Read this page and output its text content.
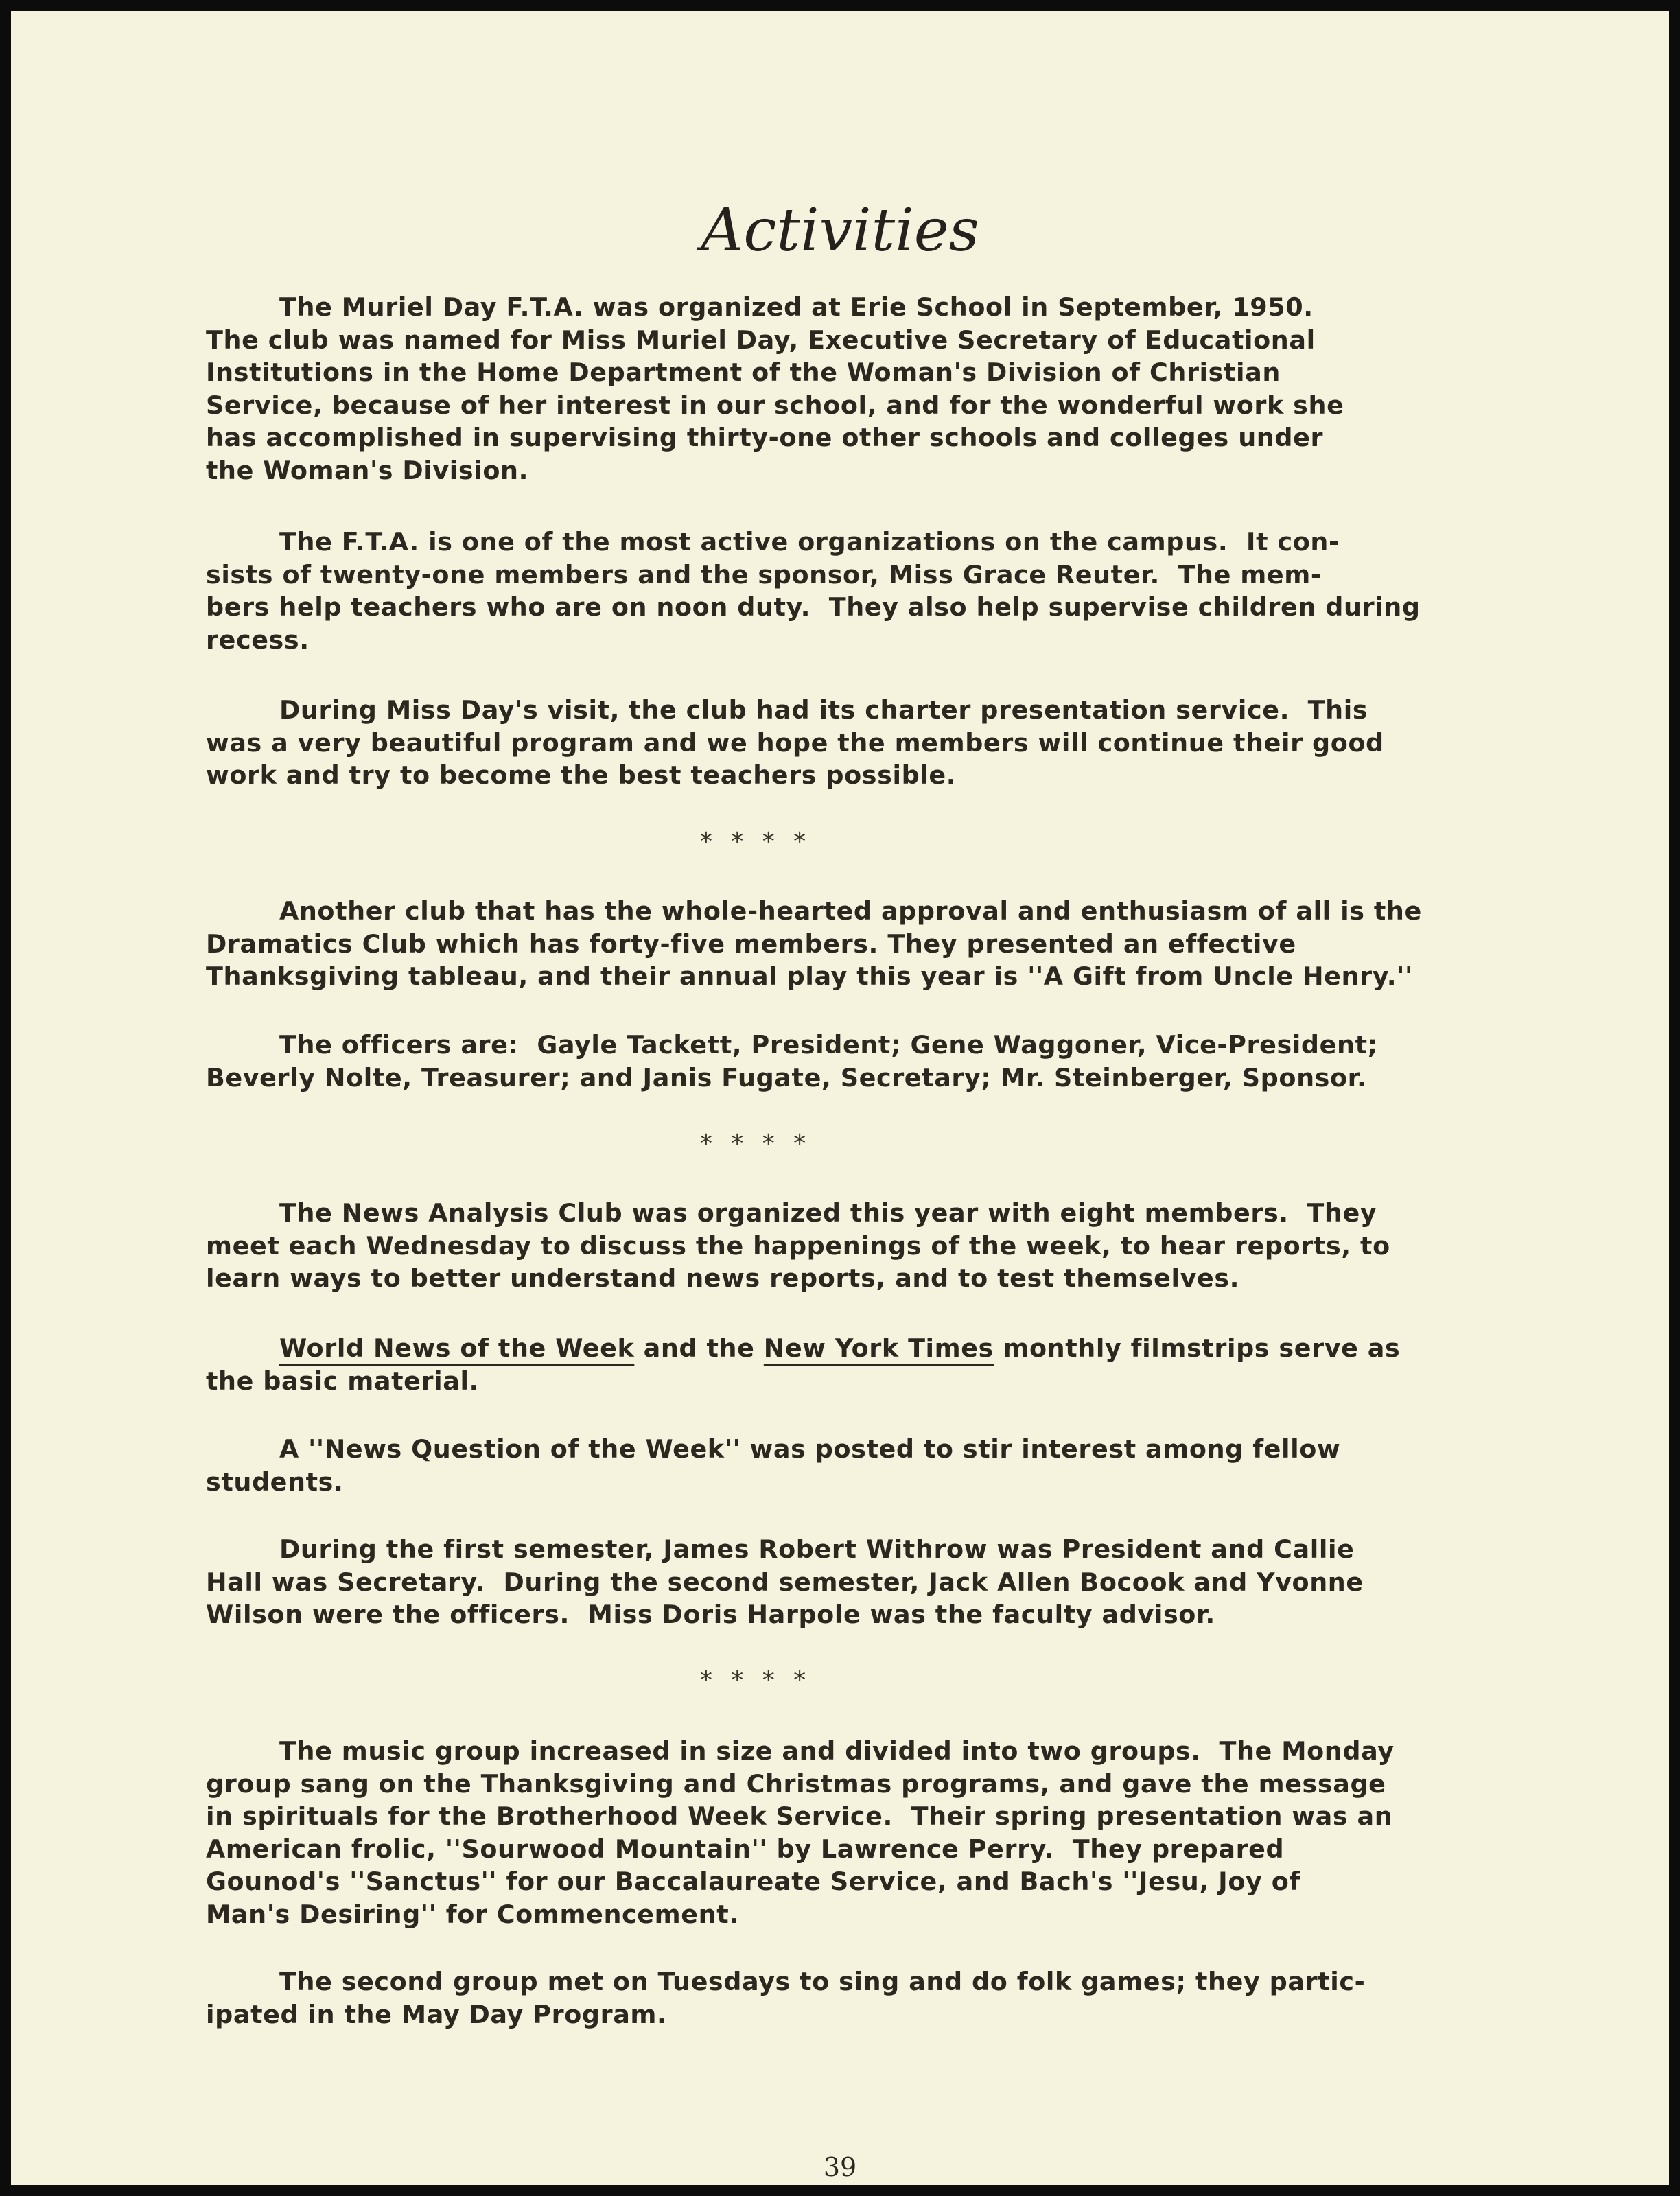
Activities
The Muriel Day F.T.A. was organized at Erie School in September, 1950.
The club was named for Miss Muriel Day, Executive Secretary of Educational
Institutions in the Home Department of the Woman's Division of Christian
Service, because of her interest in our school, and for the wonderful work she
has accomplished in supervising thirty-one other schools and colleges under
the Woman's Division.
The F.T.A. is one of the most active organizations on the campus.  It con-
sists of twenty-one members and the sponsor, Miss Grace Reuter.  The mem-
bers help teachers who are on noon duty.  They also help supervise children during
recess.
During Miss Day's visit, the club had its charter presentation service.  This
was a very beautiful program and we hope the members will continue their good
work and try to become the best teachers possible.
* * * *
Another club that has the whole-hearted approval and enthusiasm of all is the
Dramatics Club which has forty-five members. They presented an effective
Thanksgiving tableau, and their annual play this year is ''A Gift from Uncle Henry.''
The officers are:  Gayle Tackett, President; Gene Waggoner, Vice-President;
Beverly Nolte, Treasurer; and Janis Fugate, Secretary; Mr. Steinberger, Sponsor.
* * * *
The News Analysis Club was organized this year with eight members.  They
meet each Wednesday to discuss the happenings of the week, to hear reports, to
learn ways to better understand news reports, and to test themselves.
World News of the Week and the New York Times monthly filmstrips serve as
the basic material.
A ''News Question of the Week'' was posted to stir interest among fellow
students.
During the first semester, James Robert Withrow was President and Callie
Hall was Secretary.  During the second semester, Jack Allen Bocook and Yvonne
Wilson were the officers.  Miss Doris Harpole was the faculty advisor.
* * * *
The music group increased in size and divided into two groups.  The Monday
group sang on the Thanksgiving and Christmas programs, and gave the message
in spirituals for the Brotherhood Week Service.  Their spring presentation was an
American frolic, ''Sourwood Mountain'' by Lawrence Perry.  They prepared
Gounod's ''Sanctus'' for our Baccalaureate Service, and Bach's ''Jesu, Joy of
Man's Desiring'' for Commencement.
The second group met on Tuesdays to sing and do folk games; they partic-
ipated in the May Day Program.
39
